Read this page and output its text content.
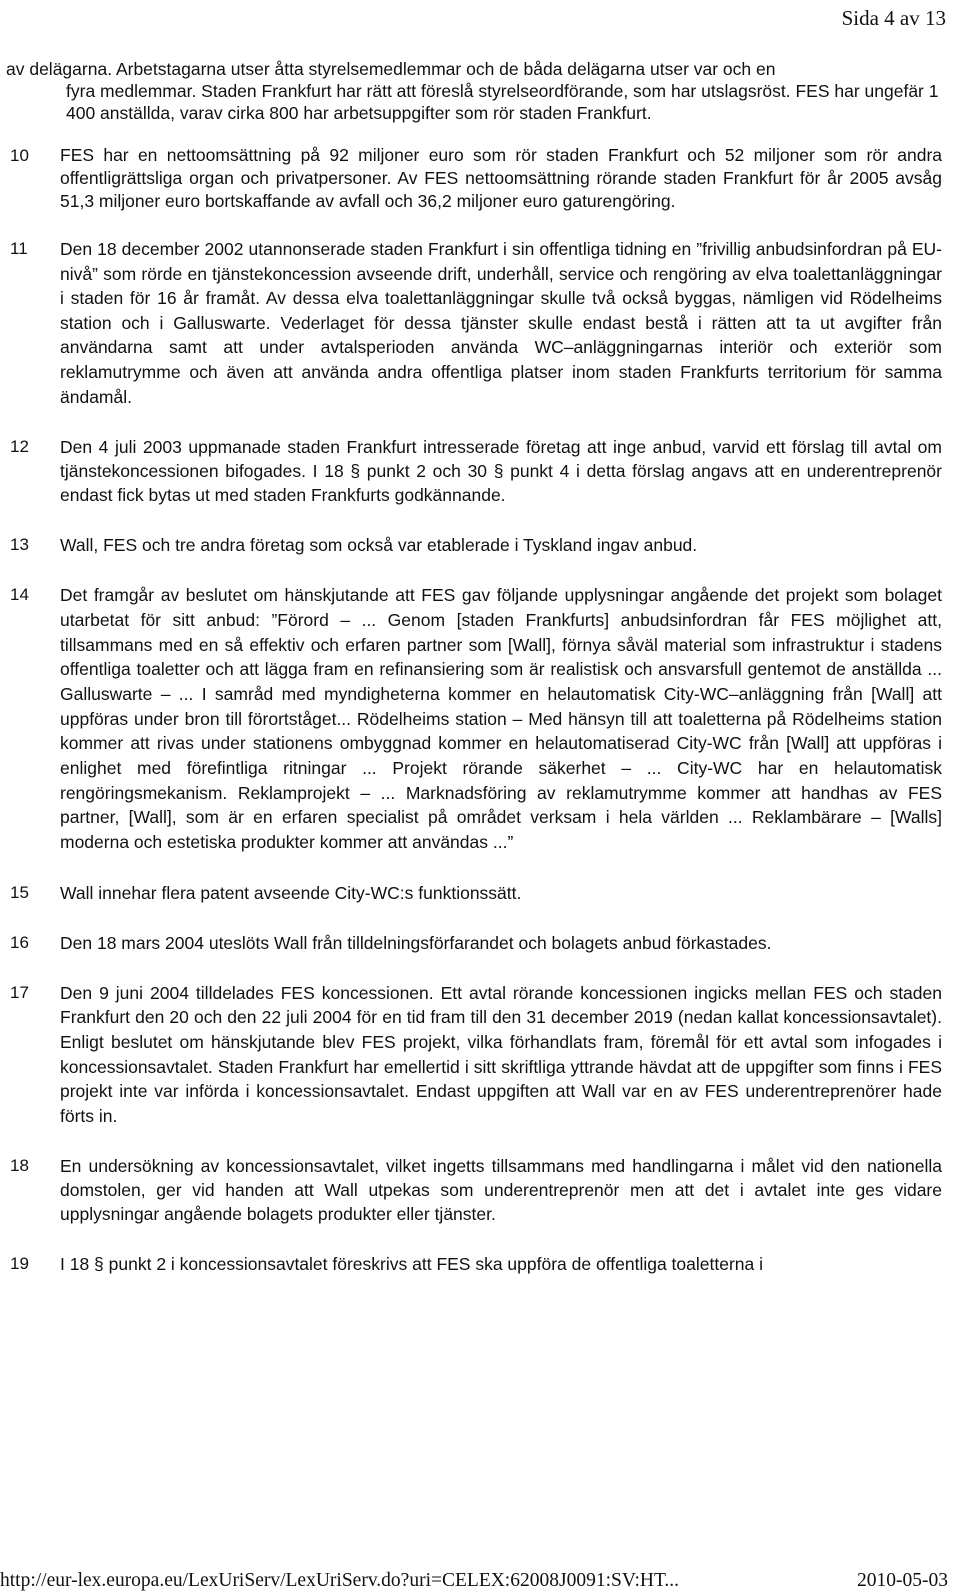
Sida 4 av 13
av delägarna. Arbetstagarna utser åtta styrelsemedlemmar och de båda delägarna utser var och en
fyra medlemmar. Staden Frankfurt har rätt att föreslå styrelseordförande, som har utslagsröst. FES har ungefär 1 400 anställda, varav cirka 800 har arbetsuppgifter som rör staden Frankfurt.
10	FES har en nettoomsättning på 92 miljoner euro som rör staden Frankfurt och 52 miljoner som rör andra offentligrättsliga organ och privatpersoner. Av FES nettoomsättning rörande staden Frankfurt för år 2005 avsåg 51,3 miljoner euro bortskaffande av avfall och 36,2 miljoner euro gaturengöring.
11	Den 18 december 2002 utannonserade staden Frankfurt i sin offentliga tidning en ”frivillig anbudsinfordran på EU-nivå” som rörde en tjänstekoncession avseende drift, underhåll, service och rengöring av elva toalettanläggningar i staden för 16 år framåt. Av dessa elva toalettanläggningar skulle två också byggas, nämligen vid Rödelheims station och i Galluswarte. Vederlaget för dessa tjänster skulle endast bestå i rätten att ta ut avgifter från användarna samt att under avtalsperioden använda WC–anläggningarnas interiör och exteriör som reklamutrymme och även att använda andra offentliga platser inom staden Frankfurts territorium för samma ändamål.
12	Den 4 juli 2003 uppmanade staden Frankfurt intresserade företag att inge anbud, varvid ett förslag till avtal om tjänstekoncessionen bifogades. I 18 § punkt 2 och 30 § punkt 4 i detta förslag angavs att en underentreprenör endast fick bytas ut med staden Frankfurts godkännande.
13	Wall, FES och tre andra företag som också var etablerade i Tyskland ingav anbud.
14	Det framgår av beslutet om hänskjutande att FES gav följande upplysningar angående det projekt som bolaget utarbetat för sitt anbud: ”Förord – ... Genom [staden Frankfurts] anbudsinfordran får FES möjlighet att, tillsammans med en så effektiv och erfaren partner som [Wall], förnya såväl material som infrastruktur i stadens offentliga toaletter och att lägga fram en refinansiering som är realistisk och ansvarsfull gentemot de anställda ... Galluswarte – ... I samråd med myndigheterna kommer en helautomatisk City-WC–anläggning från [Wall] att uppföras under bron till förortståget... Rödelheims station – Med hänsyn till att toaletterna på Rödelheims station kommer att rivas under stationens ombyggnad kommer en helautomatiserad City-WC från [Wall] att uppföras i enlighet med förefintliga ritningar ... Projekt rörande säkerhet – ... City-WC har en helautomatisk rengöringsmekanism. Reklamprojekt – ... Marknadsföring av reklamutrymme kommer att handhas av FES partner, [Wall], som är en erfaren specialist på området verksam i hela världen ... Reklambärare – [Walls] moderna och estetiska produkter kommer att användas ...”
15	Wall innehar flera patent avseende City-WC:s funktionssätt.
16	Den 18 mars 2004 uteslöts Wall från tilldelningsförfarandet och bolagets anbud förkastades.
17	Den 9 juni 2004 tilldelades FES koncessionen. Ett avtal rörande koncessionen ingicks mellan FES och staden Frankfurt den 20 och den 22 juli 2004 för en tid fram till den 31 december 2019 (nedan kallat koncessionsavtalet). Enligt beslutet om hänskjutande blev FES projekt, vilka förhandlats fram, föremål för ett avtal som infogades i koncessionsavtalet. Staden Frankfurt har emellertid i sitt skriftliga yttrande hävdat att de uppgifter som finns i FES projekt inte var införda i koncessionsavtalet. Endast uppgiften att Wall var en av FES underentreprenörer hade förts in.
18	En undersökning av koncessionsavtalet, vilket ingetts tillsammans med handlingarna i målet vid den nationella domstolen, ger vid handen att Wall utpekas som underentreprenör men att det i avtalet inte ges vidare upplysningar angående bolagets produkter eller tjänster.
19	I 18 § punkt 2 i koncessionsavtalet föreskrivs att FES ska uppföra de offentliga toaletterna i
http://eur-lex.europa.eu/LexUriServ/LexUriServ.do?uri=CELEX:62008J0091:SV:HT...	2010-05-03
